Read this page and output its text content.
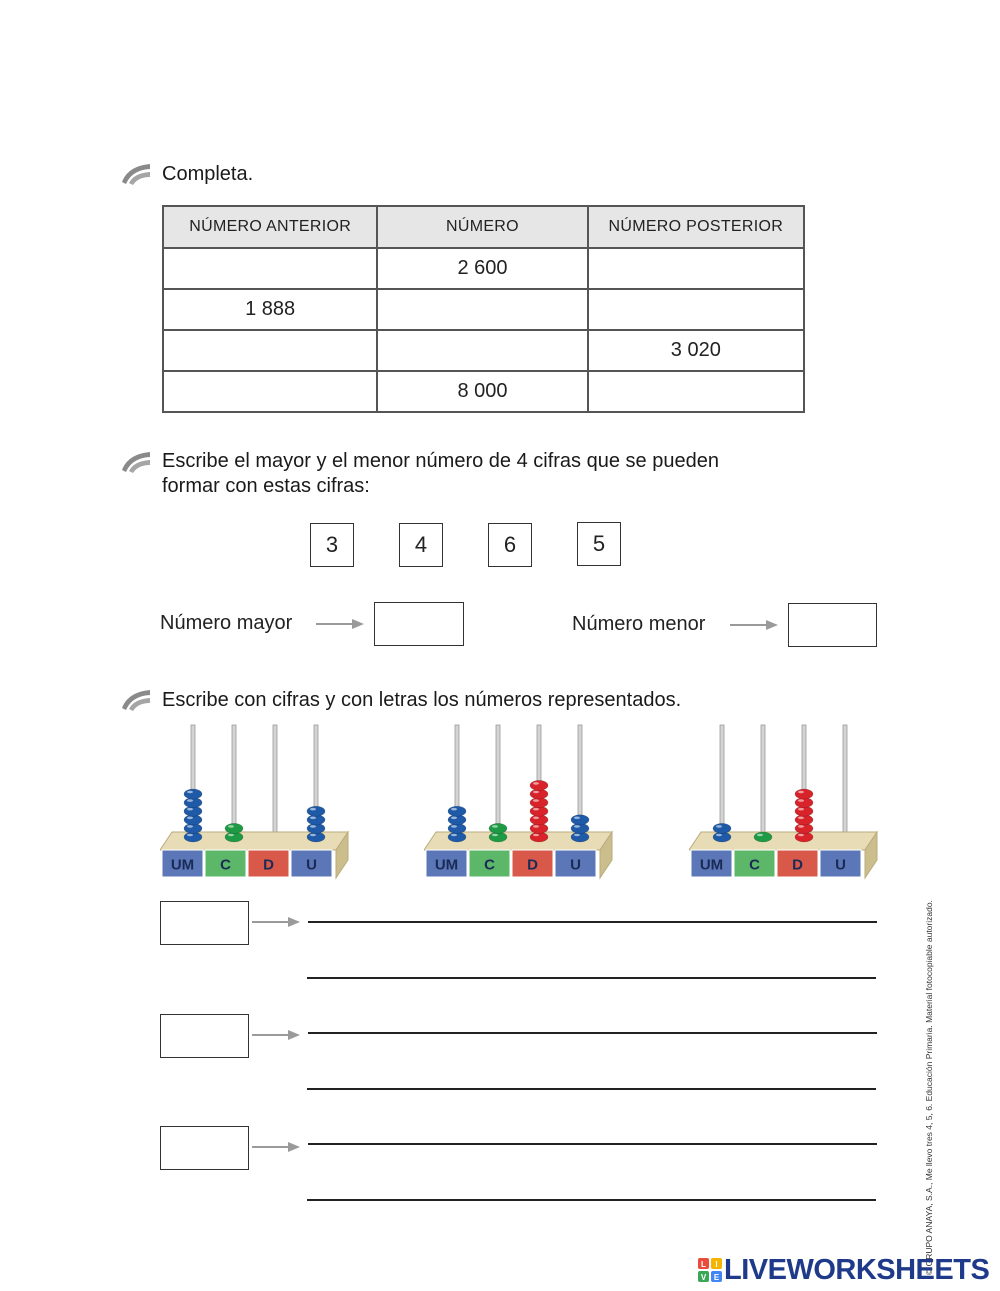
Completa.
NÚMERO ANTERIOR	NÚMERO	NÚMERO POSTERIOR
	2 600	
1 888		
		3 020
	8 000	
Escribe el mayor y el menor número de 4 cifras que se pueden
formar con estas cifras:
3	4	6	5
Número mayor	Número menor
Escribe con cifras y con letras los números representados.
UM C D U	UM C D U	UM C D U
© GRUPO ANAYA, S.A., Me llevo tres 4, 5, 6. Educación Primaria. Material fotocopiable autorizado.
L I
V E LIVEWORKSHEETS
